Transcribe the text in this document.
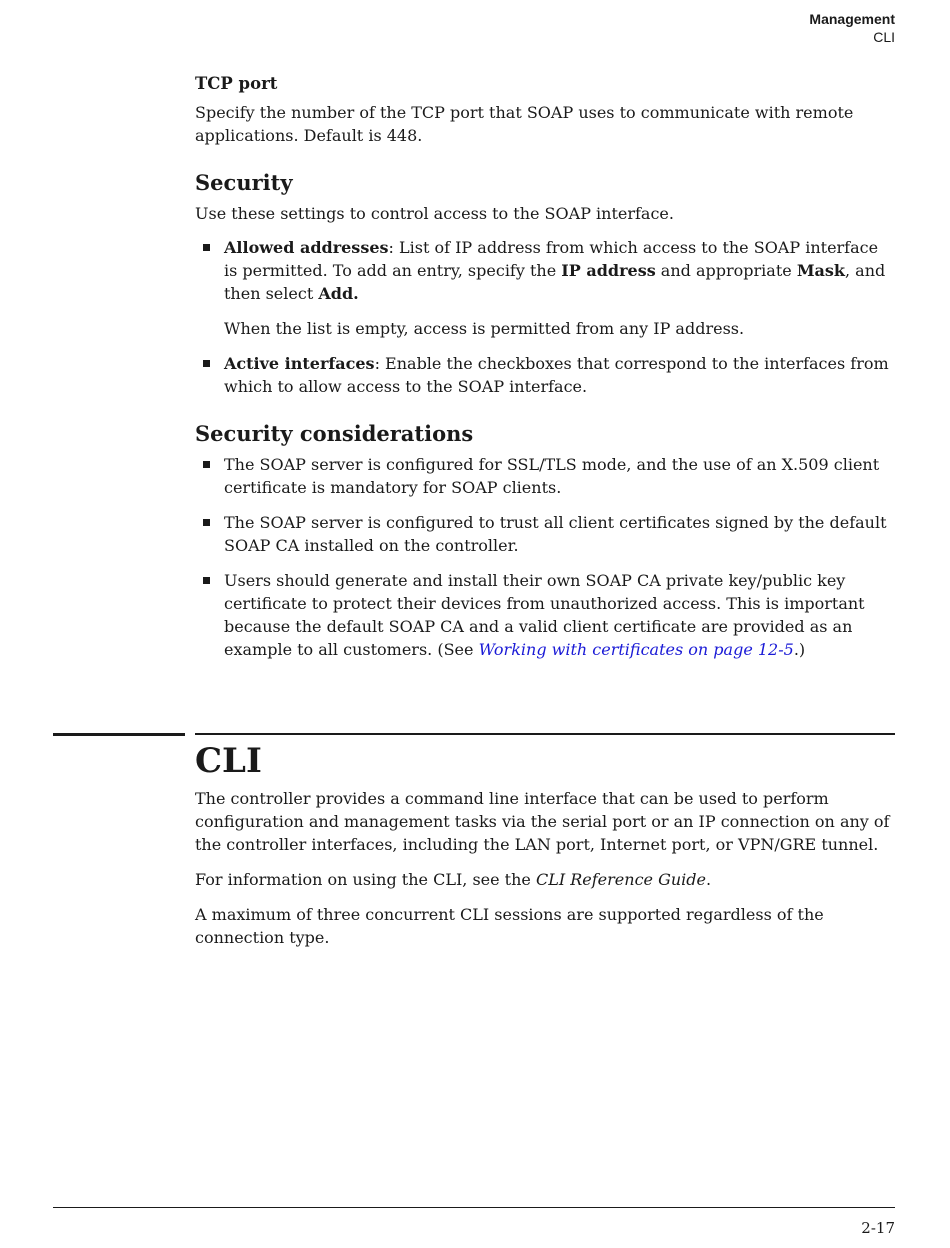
Management
CLI

TCP port

Specify the number of the TCP port that SOAP uses to communicate with remote applications. Default is 448.

Security

Use these settings to control access to the SOAP interface.

Allowed addresses: List of IP address from which access to the SOAP interface is permitted. To add an entry, specify the IP address and appropriate Mask, and then select Add.

When the list is empty, access is permitted from any IP address.

Active interfaces: Enable the checkboxes that correspond to the interfaces from which to allow access to the SOAP interface.

Security considerations

The SOAP server is configured for SSL/TLS mode, and the use of an X.509 client certificate is mandatory for SOAP clients.

The SOAP server is configured to trust all client certificates signed by the default SOAP CA installed on the controller.

Users should generate and install their own SOAP CA private key/public key certificate to protect their devices from unauthorized access. This is important because the default SOAP CA and a valid client certificate are provided as an example to all customers. (See Working with certificates on page 12-5.)

CLI

The controller provides a command line interface that can be used to perform configuration and management tasks via the serial port or an IP connection on any of the controller interfaces, including the LAN port, Internet port, or VPN/GRE tunnel.

For information on using the CLI, see the CLI Reference Guide.

A maximum of three concurrent CLI sessions are supported regardless of the connection type.

2-17
